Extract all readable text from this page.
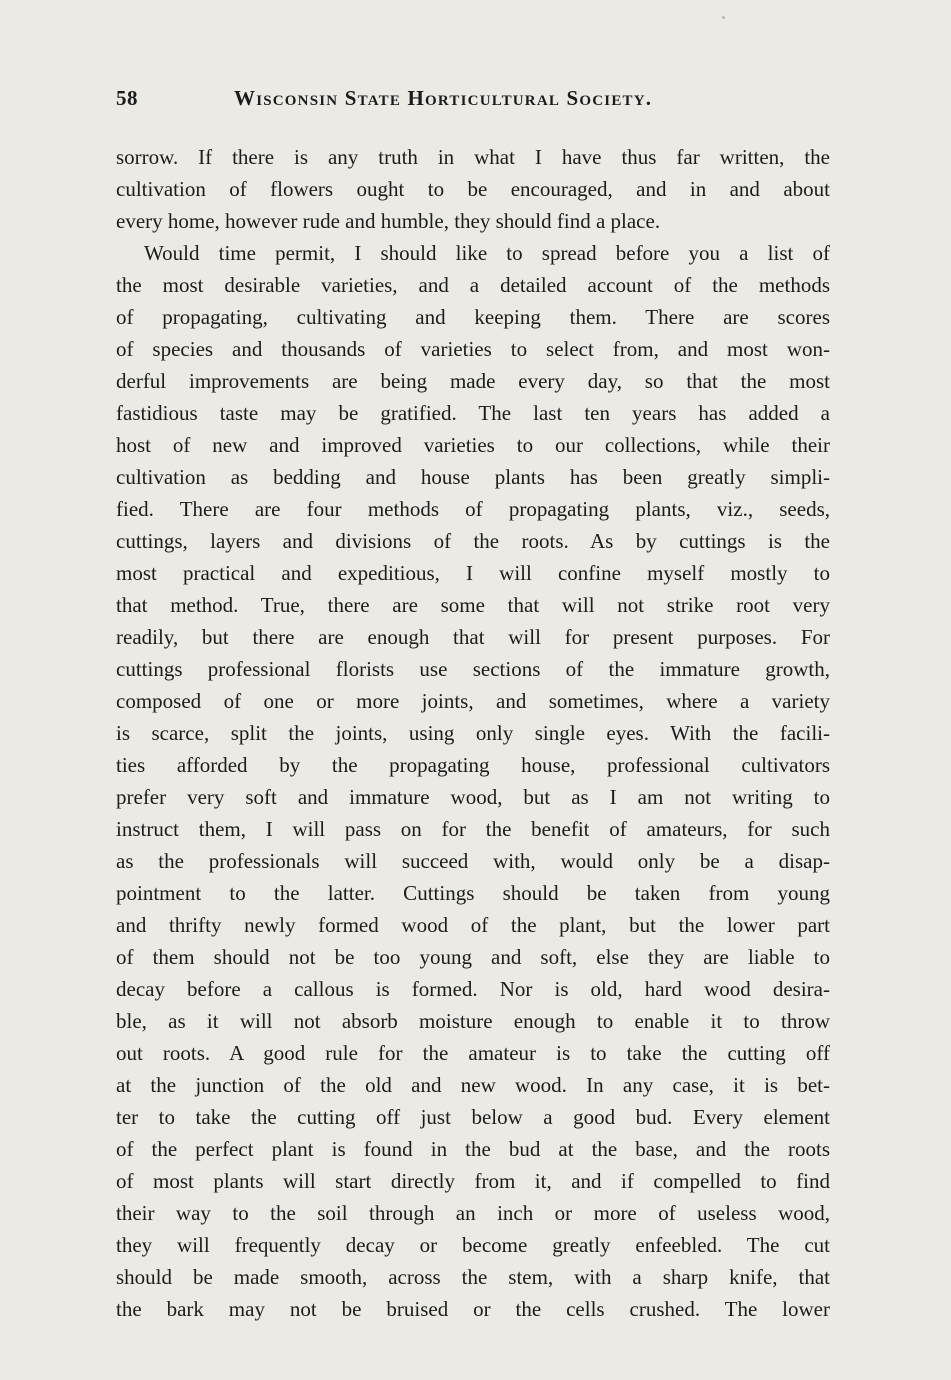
58	Wisconsin State Horticultural Society.
sorrow. If there is any truth in what I have thus far written, the
cultivation of flowers ought to be encouraged, and in and about
every home, however rude and humble, they should find a place.
Would time permit, I should like to spread before you a list of
the most desirable varieties, and a detailed account of the methods
of propagating, cultivating and keeping them. There are scores
of species and thousands of varieties to select from, and most won-
derful improvements are being made every day, so that the most
fastidious taste may be gratified. The last ten years has added a
host of new and improved varieties to our collections, while their
cultivation as bedding and house plants has been greatly simpli-
fied. There are four methods of propagating plants, viz., seeds,
cuttings, layers and divisions of the roots. As by cuttings is the
most practical and expeditious, I will confine myself mostly to
that method. True, there are some that will not strike root very
readily, but there are enough that will for present purposes. For
cuttings professional florists use sections of the immature growth,
composed of one or more joints, and sometimes, where a variety
is scarce, split the joints, using only single eyes. With the facili-
ties afforded by the propagating house, professional cultivators
prefer very soft and immature wood, but as I am not writing to
instruct them, I will pass on for the benefit of amateurs, for such
as the professionals will succeed with, would only be a disap-
pointment to the latter. Cuttings should be taken from young
and thrifty newly formed wood of the plant, but the lower part
of them should not be too young and soft, else they are liable to
decay before a callous is formed. Nor is old, hard wood desira-
ble, as it will not absorb moisture enough to enable it to throw
out roots. A good rule for the amateur is to take the cutting off
at the junction of the old and new wood. In any case, it is bet-
ter to take the cutting off just below a good bud. Every element
of the perfect plant is found in the bud at the base, and the roots
of most plants will start directly from it, and if compelled to find
their way to the soil through an inch or more of useless wood,
they will frequently decay or become greatly enfeebled. The cut
should be made smooth, across the stem, with a sharp knife, that
the bark may not be bruised or the cells crushed. The lower
